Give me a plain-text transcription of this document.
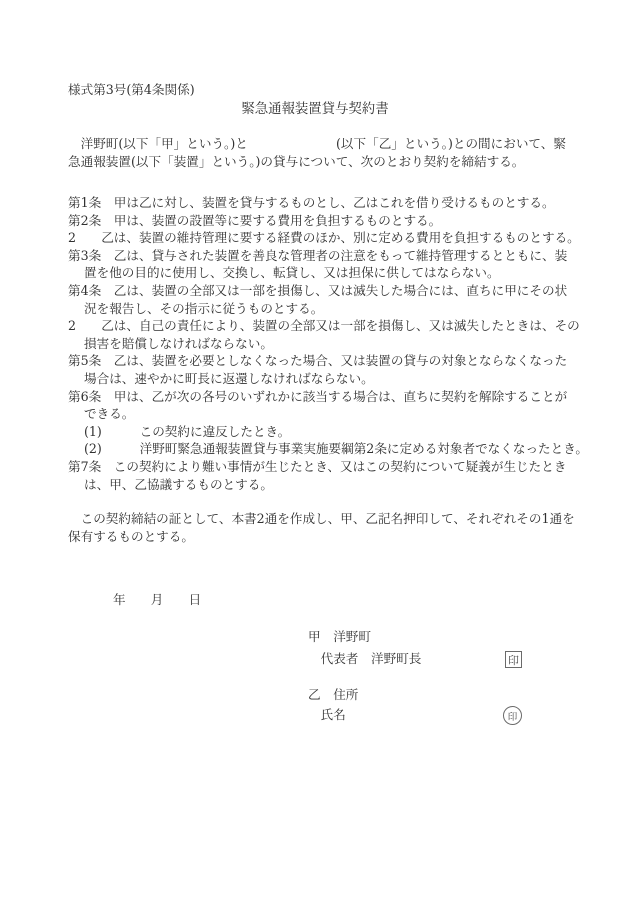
様式第3号(第4条関係)
緊急通報装置貸与契約書
　洋野町(以下「甲」という。)と　　　　　　　(以下「乙」という。)との間において、緊
急通報装置(以下「装置」という。)の貸与について、次のとおり契約を締結する。
第1条　甲は乙に対し、装置を貸与するものとし、乙はこれを借り受けるものとする。
第2条　甲は、装置の設置等に要する費用を負担するものとする。
2　　乙は、装置の維持管理に要する経費のほか、別に定める費用を負担するものとする。
第3条　乙は、貸与された装置を善良な管理者の注意をもって維持管理するとともに、装
置を他の目的に使用し、交換し、転貸し、又は担保に供してはならない。
第4条　乙は、装置の全部又は一部を損傷し、又は滅失した場合には、直ちに甲にその状
況を報告し、その指示に従うものとする。
2　　乙は、自己の責任により、装置の全部又は一部を損傷し、又は滅失したときは、その
損害を賠償しなければならない。
第5条　乙は、装置を必要としなくなった場合、又は装置の貸与の対象とならなくなった
場合は、速やかに町長に返還しなければならない。
第6条　甲は、乙が次の各号のいずれかに該当する場合は、直ちに契約を解除することが
できる。
(1)　　　この契約に違反したとき。
(2)　　　洋野町緊急通報装置貸与事業実施要綱第2条に定める対象者でなくなったとき。
第7条　この契約により難い事情が生じたとき、又はこの契約について疑義が生じたとき
は、甲、乙協議するものとする。
　この契約締結の証として、本書2通を作成し、甲、乙記名押印して、それぞれその1通を
保有するものとする。
年　　月　　日
甲　洋野町
　代表者　洋野町長	印
乙　住所
　氏名	印
